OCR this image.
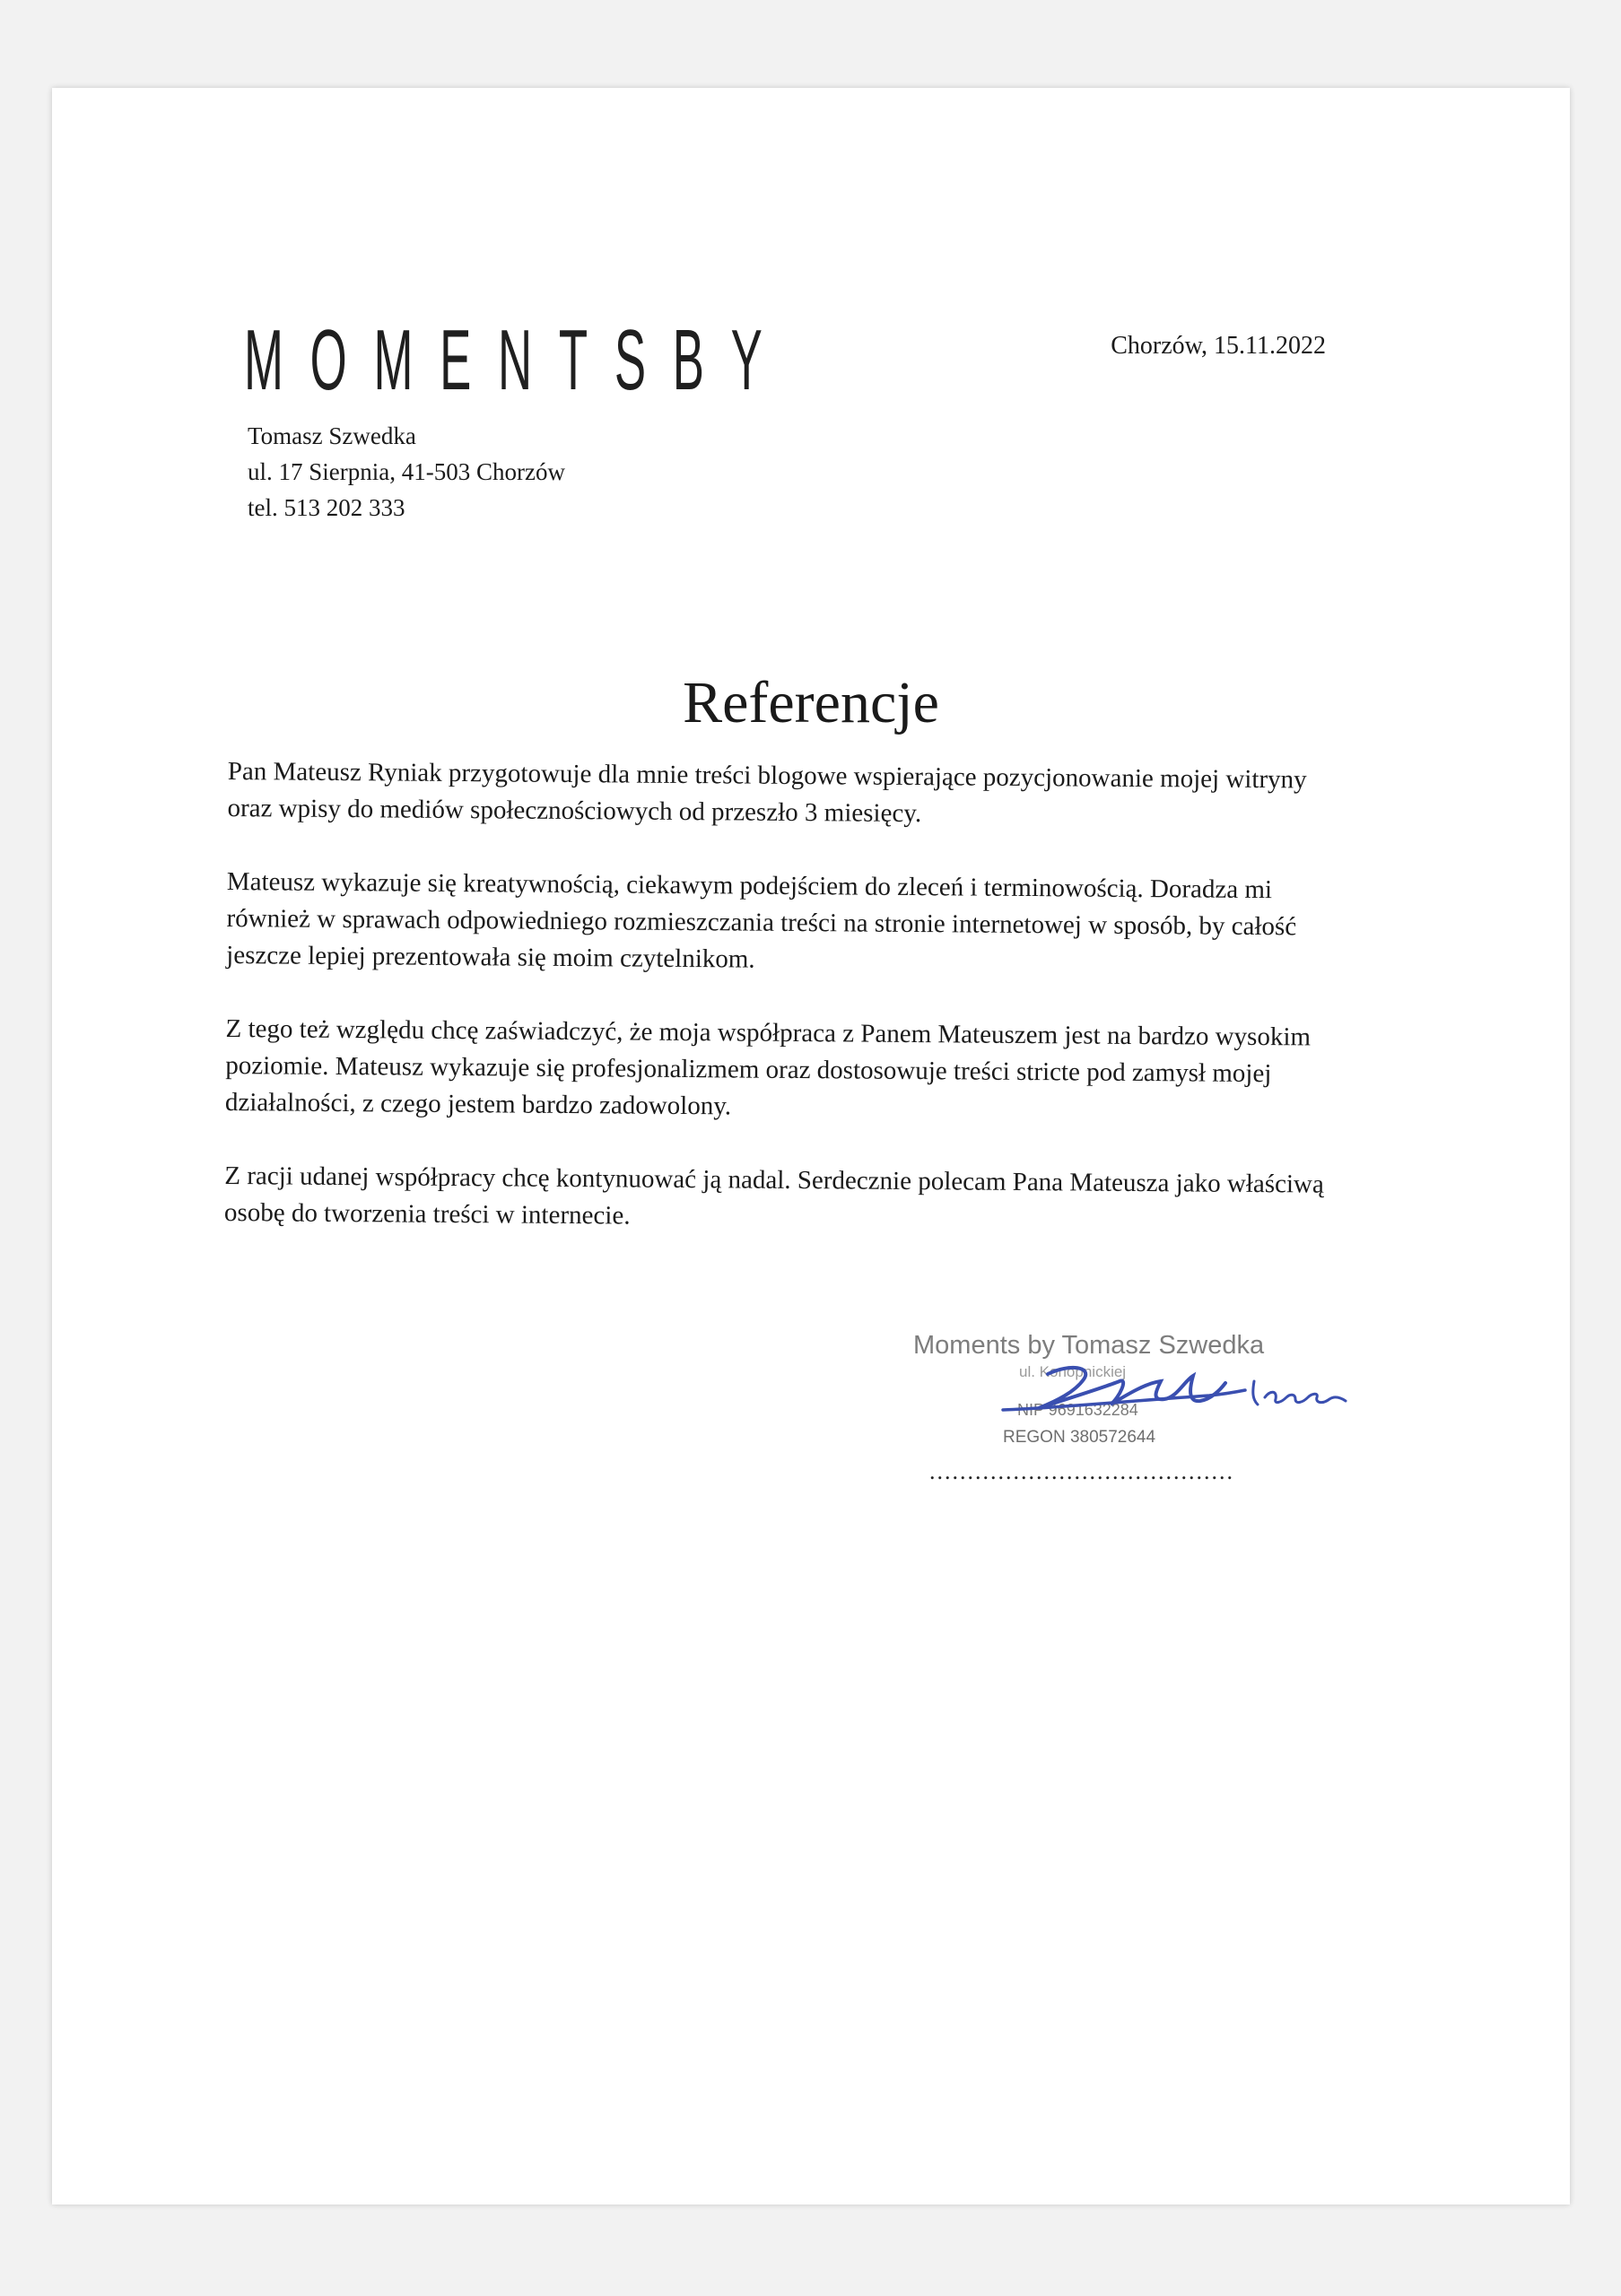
MOMENTSBY
Tomasz Szwedka
ul. 17 Sierpnia, 41-503 Chorzów
tel. 513 202 333
Chorzów, 15.11.2022
Referencje

Pan Mateusz Ryniak przygotowuje dla mnie treści blogowe wspierające pozycjonowanie mojej witryny oraz wpisy do mediów społecznościowych od przeszło 3 miesięcy.

Mateusz wykazuje się kreatywnością, ciekawym podejściem do zleceń i terminowością. Doradza mi również w sprawach odpowiedniego rozmieszczania treści na stronie internetowej w sposób, by całość jeszcze lepiej prezentowała się moim czytelnikom.

Z tego też względu chcę zaświadczyć, że moja współpraca z Panem Mateuszem jest na bardzo wysokim poziomie. Mateusz wykazuje się profesjonalizmem oraz dostosowuje treści stricte pod zamysł mojej działalności, z czego jestem bardzo zadowolony.

Z racji udanej współpracy chcę kontynuować ją nadal. Serdecznie polecam Pana Mateusza jako właściwą osobę do tworzenia treści w internecie.

Moments by Tomasz Szwedka
ul. Konopnickiej
NIP 9691632284
REGON 380572644
........................................
